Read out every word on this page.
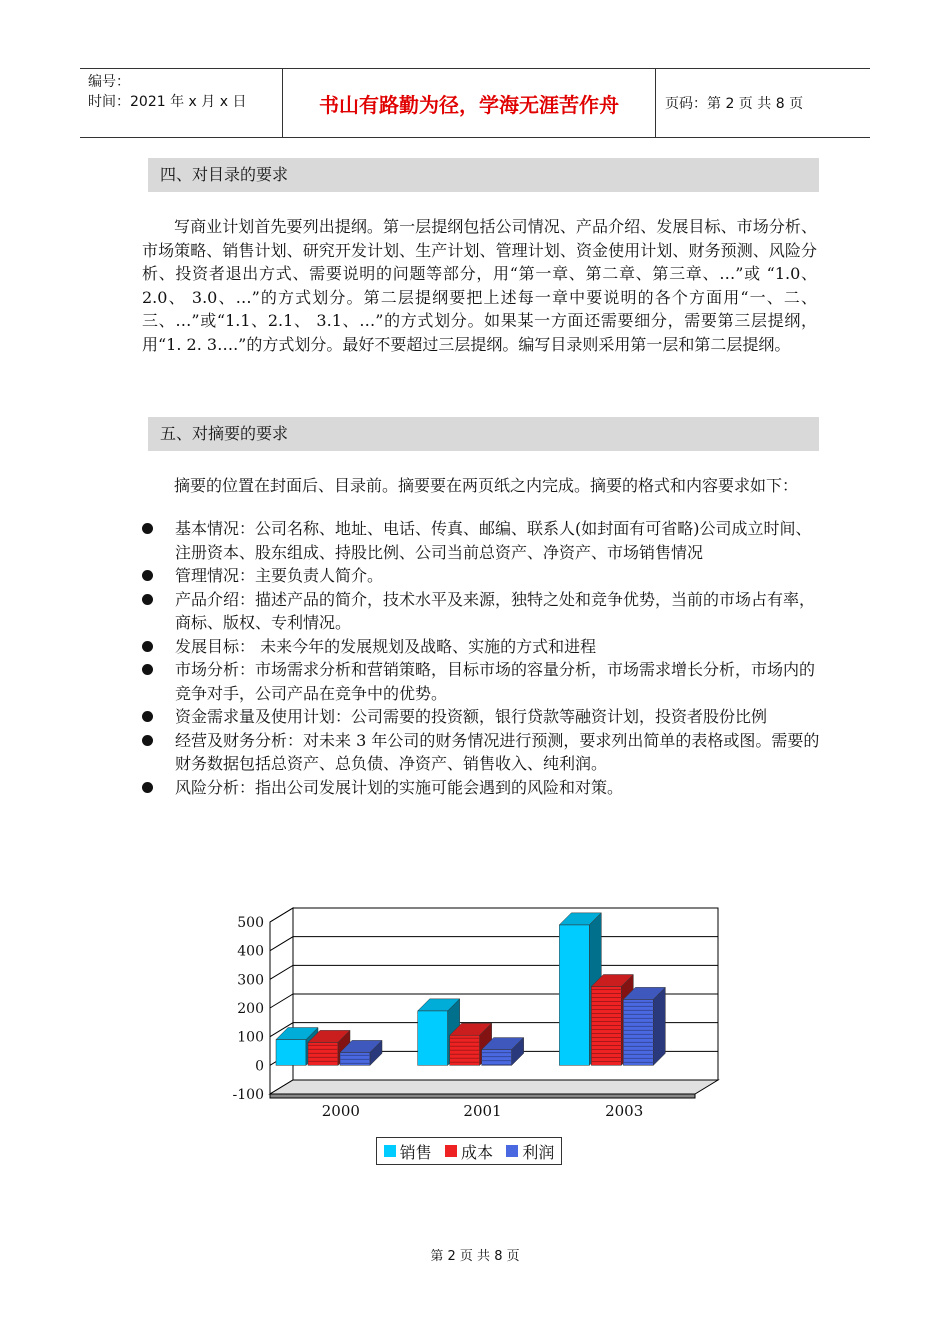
编号：
时间：2021 年 x 月 x 日	书山有路勤为径，学海无涯苦作舟	页码：第 2 页 共 8 页
四、对目录的要求

写商业计划首先要列出提纲。第一层提纲包括公司情况、产品介绍、发展目标、市场分析、市场策略、销售计划、研究开发计划、生产计划、管理计划、资金使用计划、财务预测、风险分析、投资者退出方式、需要说明的问题等部分，用“第一章、第二章、第三章、…”或 “1.0、2.0、 3.0、…”的方式划分。第二层提纲要把上述每一章中要说明的各个方面用“一、二、三、…”或“1.1、2.1、 3.1、…”的方式划分。如果某一方面还需要细分，需要第三层提纲，用“1. 2. 3….”的方式划分。最好不要超过三层提纲。编写目录则采用第一层和第二层提纲。

五、对摘要的要求

摘要的位置在封面后、目录前。摘要要在两页纸之内完成。摘要的格式和内容要求如下：

基本情况：公司名称、地址、电话、传真、邮编、联系人(如封面有可省略)公司成立时间、注册资本、股东组成、持股比例、公司当前总资产、净资产、市场销售情况
管理情况：主要负责人简介。
产品介绍：描述产品的简介，技术水平及来源，独特之处和竞争优势，当前的市场占有率，商标、版权、专利情况。
发展目标： 未来今年的发展规划及战略、实施的方式和进程
市场分析：市场需求分析和营销策略，目标市场的容量分析，市场需求增长分析，市场内的竞争对手，公司产品在竞争中的优势。
资金需求量及使用计划：公司需要的投资额，银行贷款等融资计划，投资者股份比例
经营及财务分析：对未来 3 年公司的财务情况进行预测，要求列出简单的表格或图。需要的财务数据包括总资产、总负债、净资产、销售收入、纯利润。
风险分析：指出公司发展计划的实施可能会遇到的风险和对策。
500
400
300
200
100
0
-100
2000	2001	2003
销售 成本 利润
第 2 页 共 8 页
